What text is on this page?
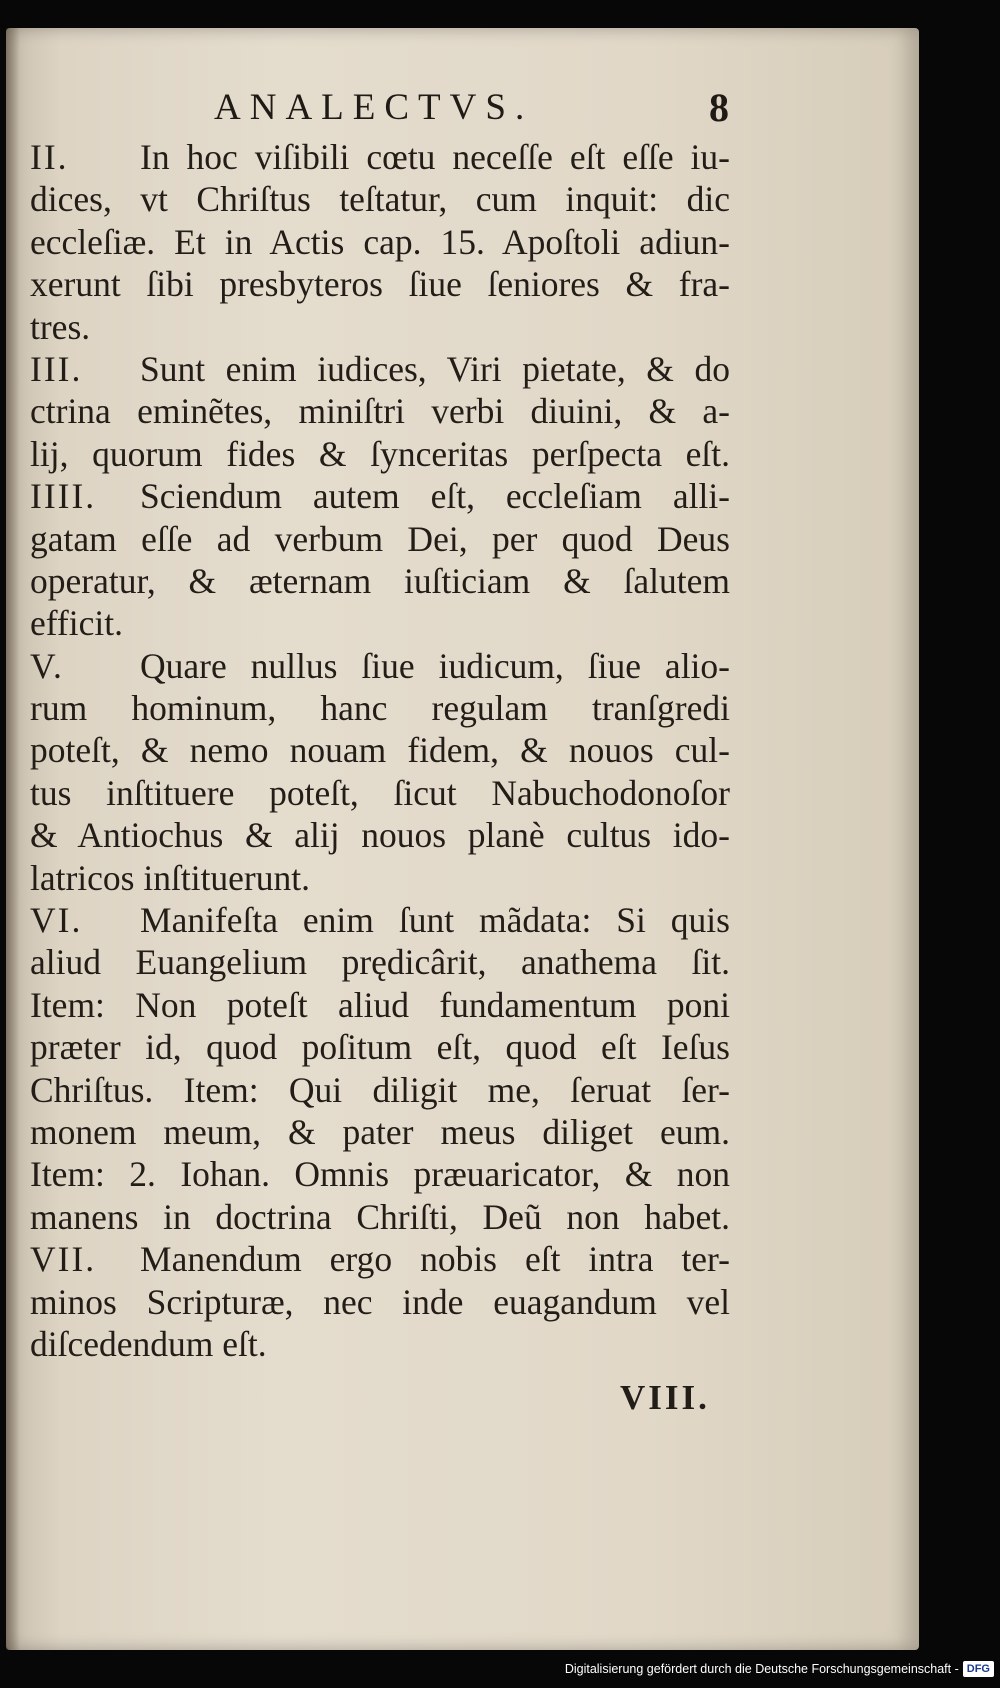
ANALECTVS.	8
II. In hoc viſibili cœtu neceſſe eſt eſſe iu-
dices, vt Chriſtus teſtatur, cum inquit: dic
eccleſiæ. Et in Actis cap. 15. Apoſtoli adiun-
xerunt ſibi presbyteros ſiue ſeniores & fra-
tres.
III. Sunt enim iudices, Viri pietate, & do
ctrina eminẽtes, miniſtri verbi diuini, & a-
lij, quorum fides & ſynceritas perſpecta eſt.
IIII. Sciendum autem eſt, eccleſiam alli-
gatam eſſe ad verbum Dei, per quod Deus
operatur, & æternam iuſticiam & ſalutem
efficit.
V. Quare nullus ſiue iudicum, ſiue alio-
rum hominum, hanc regulam tranſgredi
poteſt, & nemo nouam fidem, & nouos cul-
tus inſtituere poteſt, ſicut Nabuchodonoſor
& Antiochus & alij nouos planè cultus ido-
latricos inſtituerunt.
VI. Manifeſta enim ſunt mãdata: Si quis
aliud Euangelium prędicârit, anathema ſit.
Item: Non poteſt aliud fundamentum poni
præter id, quod poſitum eſt, quod eſt Ieſus
Chriſtus. Item: Qui diligit me, ſeruat ſer-
monem meum, & pater meus diliget eum.
Item: 2. Iohan. Omnis præuaricator, & non
manens in doctrina Chriſti, Deũ non habet.
VII. Manendum ergo nobis eſt intra ter-
minos Scripturæ, nec inde euagandum vel
diſcedendum eſt.
VIII.
Digitalisierung gefördert durch die Deutsche Forschungsgemeinschaft - DFG
